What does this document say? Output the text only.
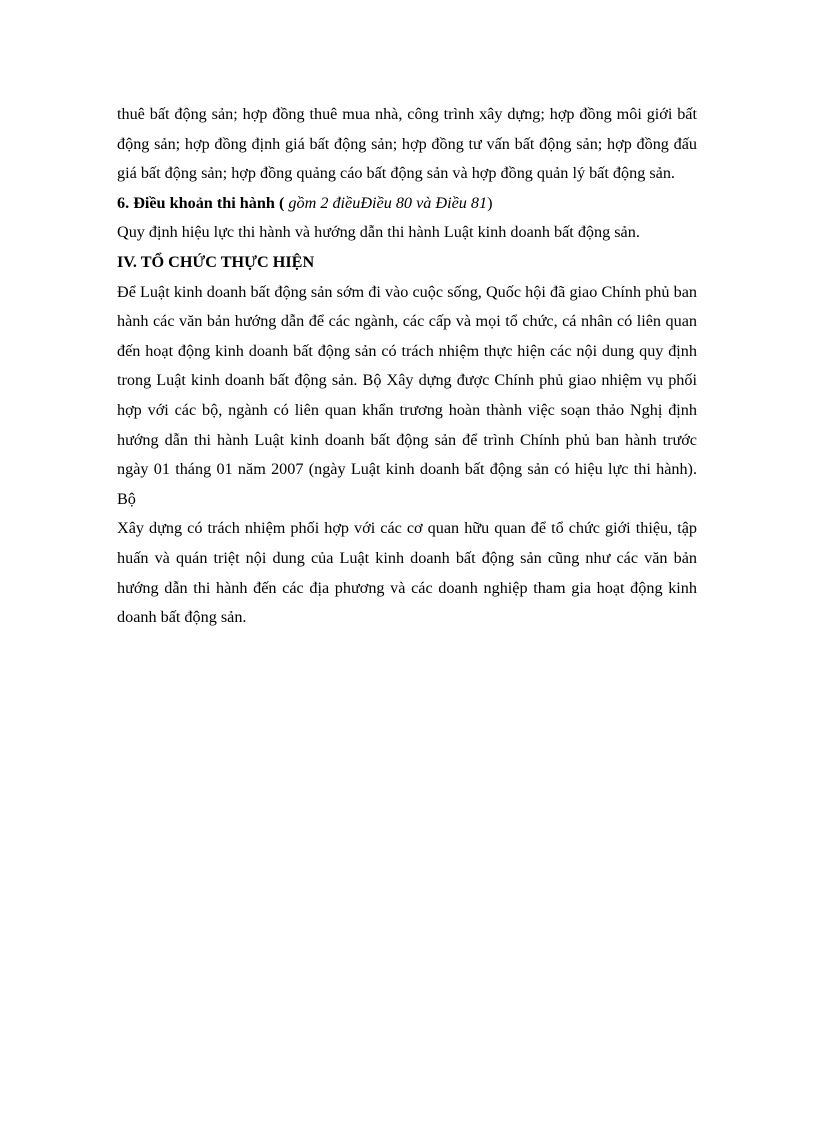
thuê bất động sản; hợp đồng thuê mua nhà, công trình xây dựng; hợp đồng môi giới bất
động sản; hợp đồng định giá bất động sản; hợp đồng tư vấn bất động sản; hợp đồng đấu
giá bất động sản; hợp đồng quảng cáo bất động sản và hợp đồng quản lý bất động sản.
6. Điều khoản thi hành ( gồm 2 điềuĐiều 80 và Điều 81)
Quy định hiệu lực thi hành và hướng dẫn thi hành Luật kinh doanh bất động sản.
IV. TỔ CHỨC THỰC HIỆN
Để Luật kinh doanh bất động sản sớm đi vào cuộc sống, Quốc hội đã giao Chính phủ ban
hành các văn bản hướng dẫn để các ngành, các cấp và mọi tổ chức, cá nhân có liên quan
đến hoạt động kinh doanh bất động sản có trách nhiệm thực hiện các nội dung quy định
trong Luật kinh doanh bất động sản. Bộ Xây dựng được Chính phủ giao nhiệm vụ phối
hợp với các bộ, ngành có liên quan khẩn trương hoàn thành việc soạn thảo Nghị định
hướng dẫn thi hành Luật kinh doanh bất động sản để trình Chính phủ ban hành trước
ngày 01 tháng 01 năm 2007 (ngày Luật kinh doanh bất động sản có hiệu lực thi hành). Bộ
Xây dựng có trách nhiệm phối hợp với các cơ quan hữu quan để tổ chức giới thiệu, tập
huấn và quán triệt nội dung của Luật kinh doanh bất động sản cũng như các văn bản
hướng dẫn thi hành đến các địa phương và các doanh nghiệp tham gia hoạt động kinh
doanh bất động sản.
